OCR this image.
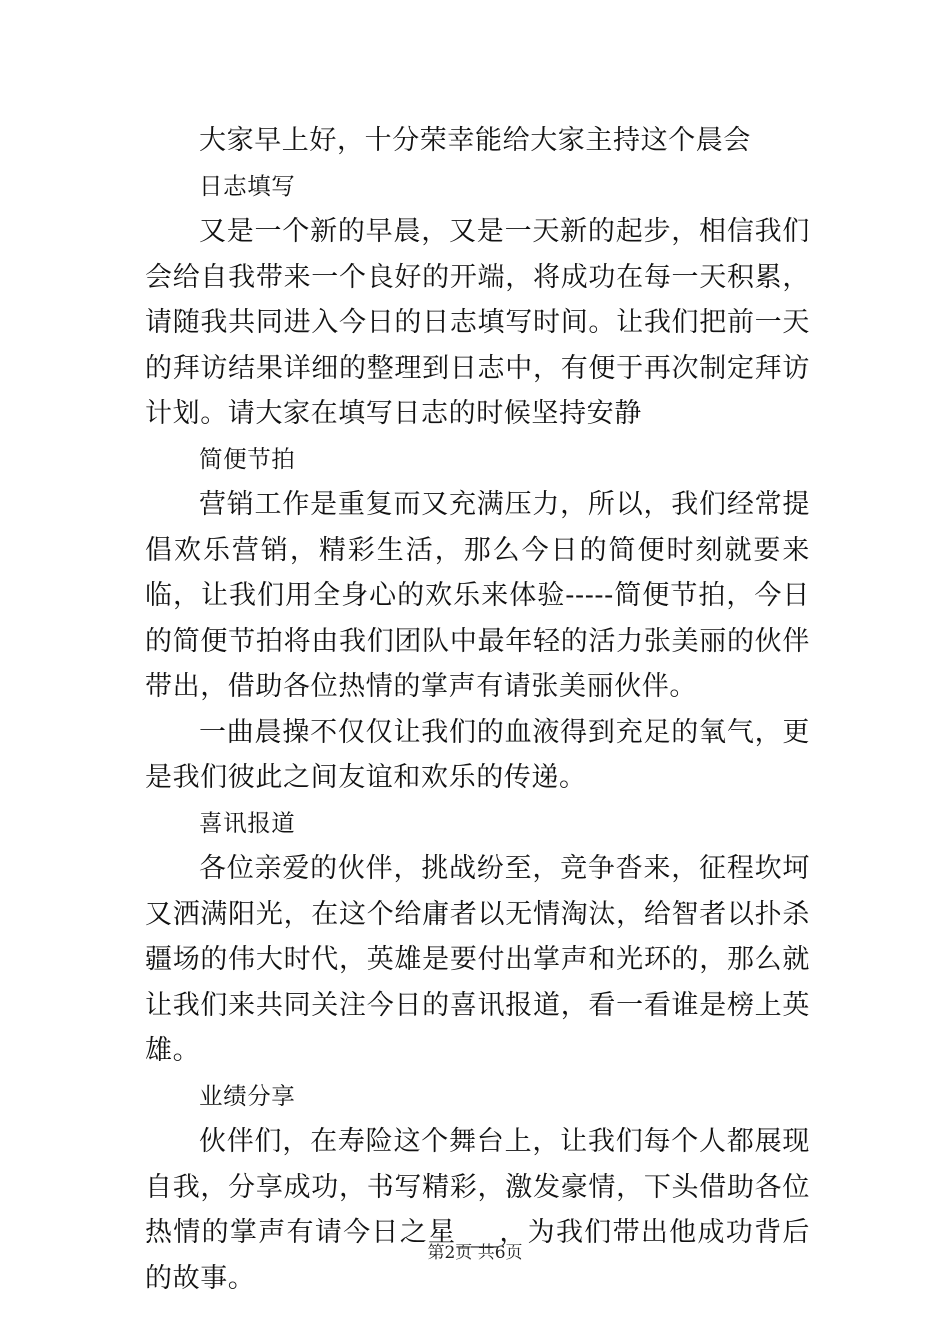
大家早上好，十分荣幸能给大家主持这个晨会

日志填写

又是一个新的早晨，又是一天新的起步，相信我们会给自我带来一个良好的开端，将成功在每一天积累，请随我共同进入今日的日志填写时间。让我们把前一天的拜访结果详细的整理到日志中，有便于再次制定拜访计划。请大家在填写日志的时候坚持安静

简便节拍

营销工作是重复而又充满压力，所以，我们经常提倡欢乐营销，精彩生活，那么今日的简便时刻就要来临，让我们用全身心的欢乐来体验-----简便节拍，今日的简便节拍将由我们团队中最年轻的活力张美丽的伙伴带出，借助各位热情的掌声有请张美丽伙伴。

一曲晨操不仅仅让我们的血液得到充足的氧气，更是我们彼此之间友谊和欢乐的传递。

喜讯报道

各位亲爱的伙伴，挑战纷至，竞争沓来，征程坎坷又洒满阳光，在这个给庸者以无情淘汰，给智者以扑杀疆场的伟大时代，英雄是要付出掌声和光环的，那么就让我们来共同关注今日的喜讯报道，看一看谁是榜上英雄。

业绩分享

伙伴们，在寿险这个舞台上，让我们每个人都展现自我，分享成功，书写精彩，激发豪情，下头借助各位热情的掌声有请今日之星___，为我们带出他成功背后的故事。

第2页 共6页
